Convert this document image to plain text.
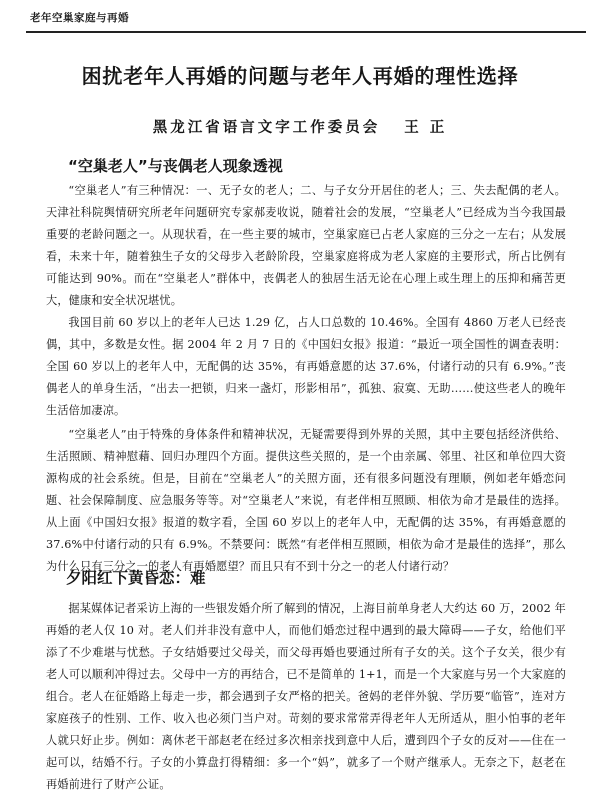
老年空巢家庭与再婚
困扰老年人再婚的问题与老年人再婚的理性选择
黑龙江省语言文字工作委员会 王 正
“空巢老人”与丧偶老人现象透视

“空巢老人”有三种情况：一、无子女的老人；二、与子女分开居住的老人；三、失去配偶的老人。天津社科院舆情研究所老年问题研究专家郝麦收说，随着社会的发展，“空巢老人”已经成为当今我国最重要的老龄问题之一。从现状看，在一些主要的城市，空巢家庭已占老人家庭的三分之一左右；从发展看，未来十年，随着独生子女的父母步入老龄阶段，空巢家庭将成为老人家庭的主要形式，所占比例有可能达到 90%。而在“空巢老人”群体中，丧偶老人的独居生活无论在心理上或生理上的压抑和痛苦更大，健康和安全状况堪忧。

我国目前 60 岁以上的老年人已达 1.29 亿，占人口总数的 10.46%。全国有 4860 万老人已经丧偶，其中，多数是女性。据 2004 年 2 月 7 日的《中国妇女报》报道：“最近一项全国性的调查表明：全国 60 岁以上的老年人中，无配偶的达 35%，有再婚意愿的达 37.6%，付诸行动的只有 6.9%。”丧偶老人的单身生活，“出去一把锁，归来一盏灯，形影相吊”，孤独、寂寞、无助……使这些老人的晚年生活倍加凄凉。

“空巢老人”由于特殊的身体条件和精神状况，无疑需要得到外界的关照，其中主要包括经济供给、生活照顾、精神慰藉、回归办理四个方面。提供这些关照的，是一个由亲属、邻里、社区和单位四大资源构成的社会系统。但是，目前在“空巢老人”的关照方面，还有很多问题没有理顺，例如老年婚恋问题、社会保障制度、应急服务等等。对“空巢老人”来说，有老伴相互照顾、相依为命才是最佳的选择。从上面《中国妇女报》报道的数字看，全国 60 岁以上的老年人中，无配偶的达 35%，有再婚意愿的 37.6%中付诸行动的只有 6.9%。不禁要问：既然“有老伴相互照顾，相依为命才是最佳的选择”，那么为什么只有三分之一的老人有再婚愿望？而且只有不到十分之一的老人付诸行动？

夕阳红下黄昏恋：难

据某媒体记者采访上海的一些银发婚介所了解到的情况，上海目前单身老人大约达 60 万，2002 年再婚的老人仅 10 对。老人们并非没有意中人，而他们婚恋过程中遇到的最大障碍——子女，给他们平添了不少难堪与忧愁。子女结婚要过父母关，而父母再婚也要通过所有子女的关。这个子女关，很少有老人可以顺利冲得过去。父母中一方的再结合，已不是简单的 1+1，而是一个大家庭与另一个大家庭的组合。老人在征婚路上每走一步，都会遇到子女严格的把关。爸妈的老伴外貌、学历要“临管”，连对方家庭孩子的性别、工作、收入也必须门当户对。苛刻的要求常常弄得老年人无所适从，胆小怕事的老年人就只好止步。例如：离休老干部赵老在经过多次相亲找到意中人后，遭到四个子女的反对——住在一起可以，结婚不行。子女的小算盘打得精细：多一个“妈”，就多了一个财产继承人。无奈之下，赵老在再婚前进行了财产公证。
